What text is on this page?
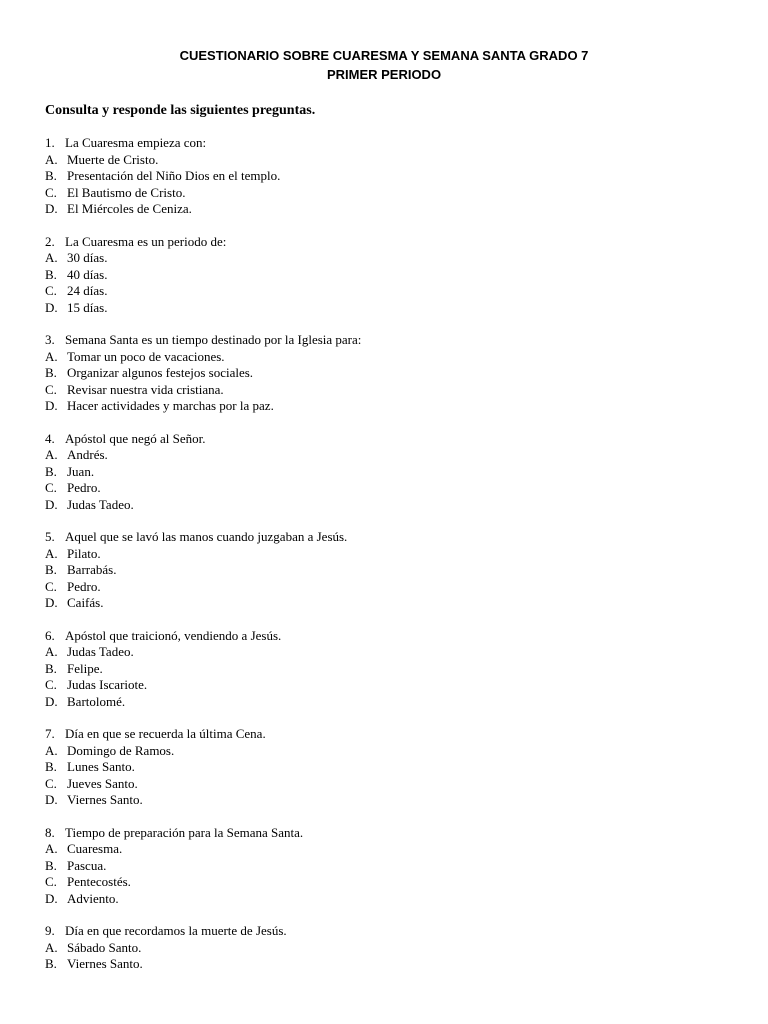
CUESTIONARIO SOBRE CUARESMA Y SEMANA SANTA GRADO 7
PRIMER PERIODO
Consulta y responde las siguientes preguntas.
1. La Cuaresma empieza con:
A. Muerte de Cristo.
B. Presentación del Niño Dios en el templo.
C. El Bautismo de Cristo.
D. El Miércoles de Ceniza.
2. La Cuaresma es un periodo de:
A. 30 días.
B. 40 días.
C. 24 días.
D. 15 días.
3. Semana Santa es un tiempo destinado por la Iglesia para:
A. Tomar un poco de vacaciones.
B. Organizar algunos festejos sociales.
C. Revisar nuestra vida cristiana.
D. Hacer actividades y marchas por la paz.
4. Apóstol que negó al Señor.
A. Andrés.
B. Juan.
C. Pedro.
D. Judas Tadeo.
5. Aquel que se lavó las manos cuando juzgaban a Jesús.
A. Pilato.
B. Barrabás.
C. Pedro.
D. Caifás.
6. Apóstol que traicionó, vendiendo a Jesús.
A. Judas Tadeo.
B. Felipe.
C. Judas Iscariote.
D. Bartolomé.
7. Día en que se recuerda la última Cena.
A. Domingo de Ramos.
B. Lunes Santo.
C. Jueves Santo.
D. Viernes Santo.
8. Tiempo de preparación para la Semana Santa.
A. Cuaresma.
B. Pascua.
C. Pentecostés.
D. Adviento.
9. Día en que recordamos la muerte de Jesús.
A. Sábado Santo.
B. Viernes Santo.
